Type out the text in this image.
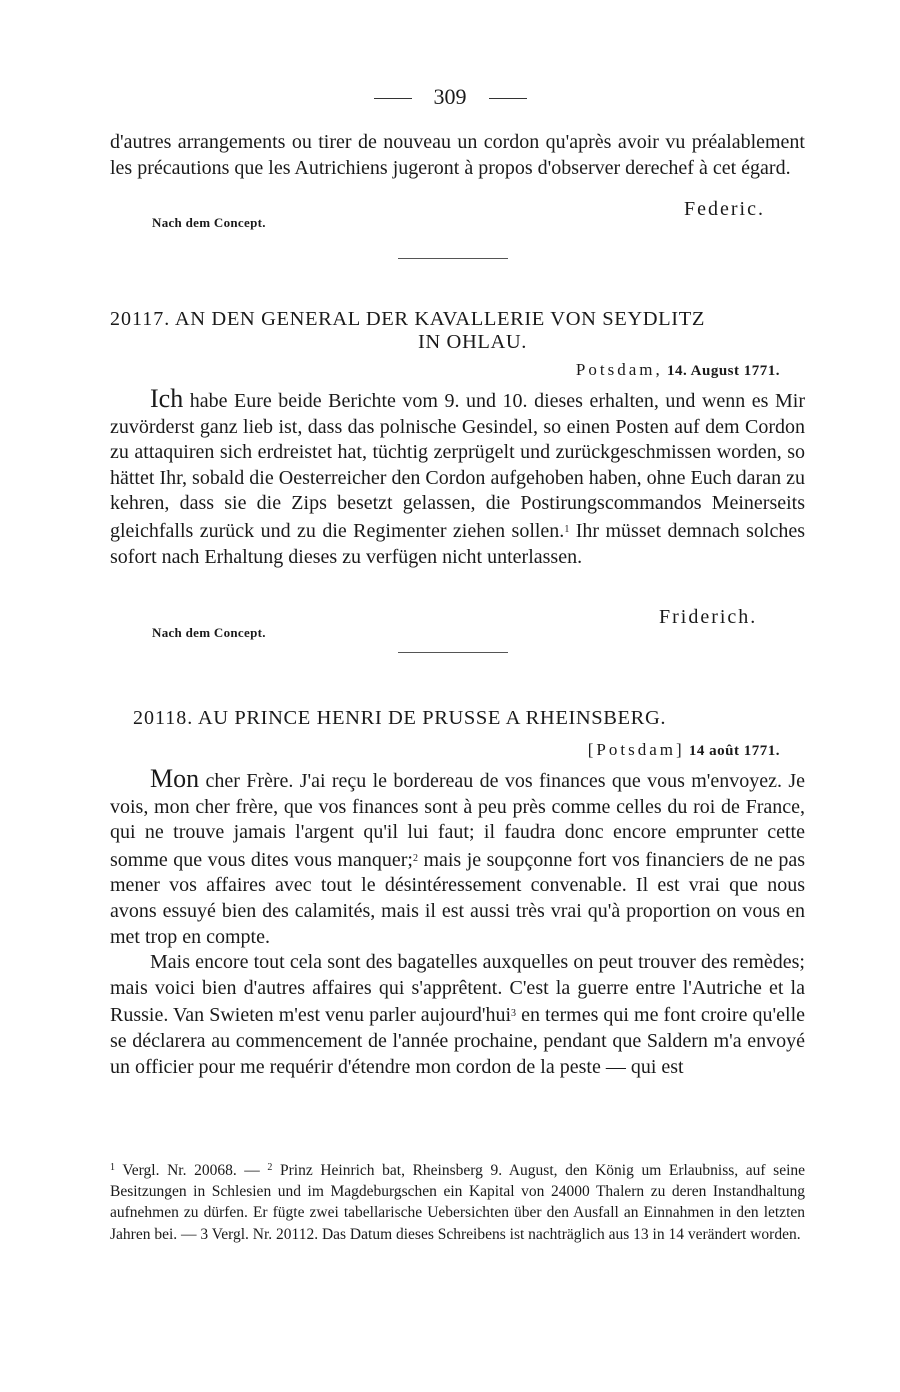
309

d'autres arrangements ou tirer de nouveau un cordon qu'après avoir vu préalablement les précautions que les Autrichiens jugeront à propos d'observer derechef à cet égard.

Federic.
Nach dem Concept.
20117. AN DEN GENERAL DER KAVALLERIE VON SEYDLITZ
IN OHLAU.
Potsdam, 14. August 1771.

Ich habe Eure beide Berichte vom 9. und 10. dieses erhalten, und wenn es Mir zuvörderst ganz lieb ist, dass das polnische Gesindel, so einen Posten auf dem Cordon zu attaquiren sich erdreistet hat, tüchtig zerprügelt und zurückgeschmissen worden, so hättet Ihr, sobald die Oesterreicher den Cordon aufgehoben haben, ohne Euch daran zu kehren, dass sie die Zips besetzt gelassen, die Postirungscommandos Meinerseits gleichfalls zurück und zu die Regimenter ziehen sollen.$^1$ Ihr müsset demnach solches sofort nach Erhaltung dieses zu verfügen nicht unterlassen.

Friderich.
Nach dem Concept.
20118. AU PRINCE HENRI DE PRUSSE A RHEINSBERG.
[Potsdam] 14 août 1771.

Mon cher Frère. J'ai reçu le bordereau de vos finances que vous m'envoyez. Je vois, mon cher frère, que vos finances sont à peu près comme celles du roi de France, qui ne trouve jamais l'argent qu'il lui faut; il faudra donc encore emprunter cette somme que vous dites vous manquer;$^2$ mais je soupçonne fort vos financiers de ne pas mener vos affaires avec tout le désintéressement convenable. Il est vrai que nous avons essuyé bien des calamités, mais il est aussi très vrai qu'à proportion on vous en met trop en compte.

Mais encore tout cela sont des bagatelles auxquelles on peut trouver des remèdes; mais voici bien d'autres affaires qui s'apprêtent. C'est la guerre entre l'Autriche et la Russie. Van Swieten m'est venu parler aujourd'hui$^3$ en termes qui me font croire qu'elle se déclarera au commencement de l'année prochaine, pendant que Saldern m'a envoyé un officier pour me requérir d'étendre mon cordon de la peste — qui est

$^1$ Vergl. Nr. 20068. — $^2$ Prinz Heinrich bat, Rheinsberg 9. August, den König um Erlaubniss, auf seine Besitzungen in Schlesien und im Magdeburgschen ein Kapital von 24000 Thalern zu deren Instandhaltung aufnehmen zu dürfen. Er fügte zwei tabellarische Uebersichten über den Ausfall an Einnahmen in den letzten Jahren bei. — 3 Vergl. Nr. 20112. Das Datum dieses Schreibens ist nachträglich aus 13 in 14 verändert worden.
